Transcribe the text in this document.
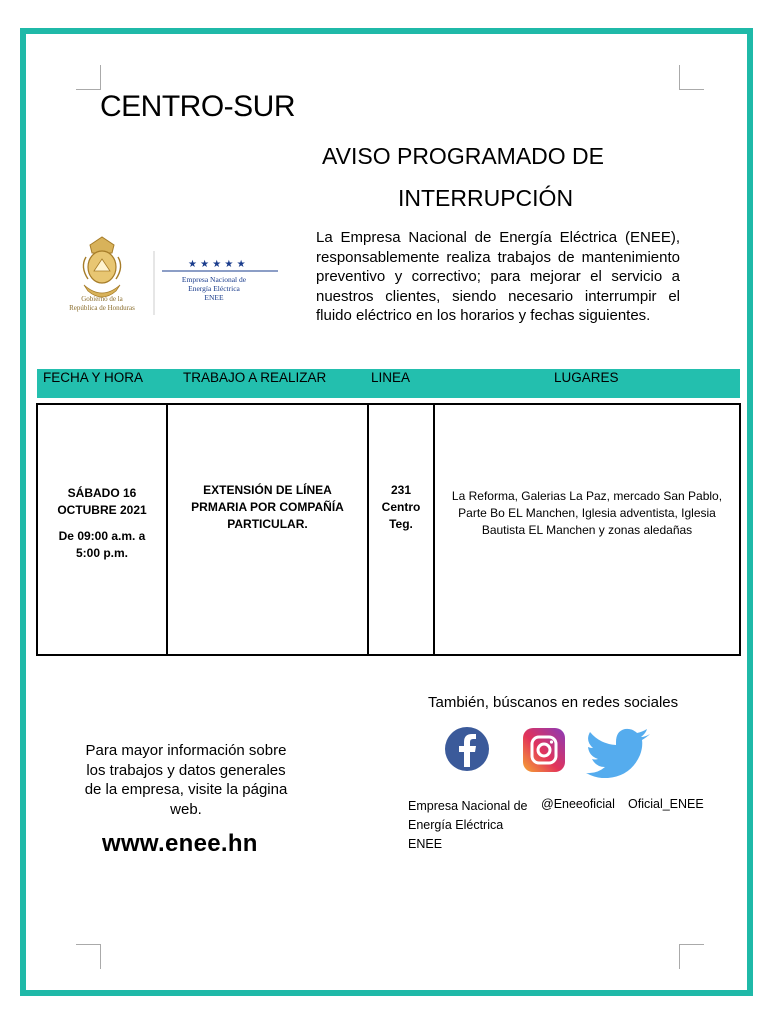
CENTRO-SUR
AVISO PROGRAMADO DE
INTERRUPCIÓN
Gobierno de la
República de Honduras
★ ★ ★ ★ ★
Empresa Nacional de
Energía Eléctrica
ENEE
La Empresa Nacional de Energía Eléctrica (ENEE), responsablemente realiza trabajos de mantenimiento preventivo y correctivo; para mejorar el servicio a nuestros clientes, siendo necesario interrumpir el fluido eléctrico en los horarios y fechas siguientes.
FECHA Y HORA	TRABAJO A REALIZAR	LINEA	LUGARES
SÁBADO 16
OCTUBRE 2021
De 09:00 a.m. a
5:00 p.m.

EXTENSIÓN DE LÍNEA PRMARIA POR COMPAÑÍA PARTICULAR.

231
Centro
Teg.

La Reforma, Galerias La Paz, mercado San Pablo, Parte Bo EL Manchen, Iglesia adventista, Iglesia Bautista EL Manchen y zonas aledañas
Para mayor información sobre los trabajos y datos generales de la empresa, visite la página web.
www.enee.hn
También, búscanos en redes sociales
Empresa Nacional de
Energía Eléctrica
ENEE
@Eneeoficial Oficial_ENEE
